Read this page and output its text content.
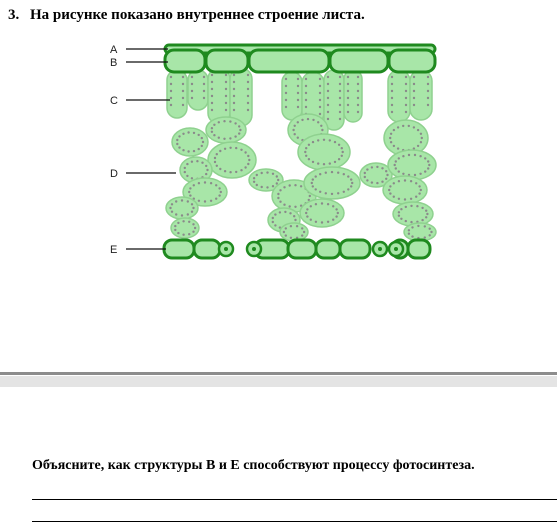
3. На рисунке показано внутреннее строение листа.
A
B
C
D
E
Объясните, как структуры B и E способствуют процессу фотосинтеза.
